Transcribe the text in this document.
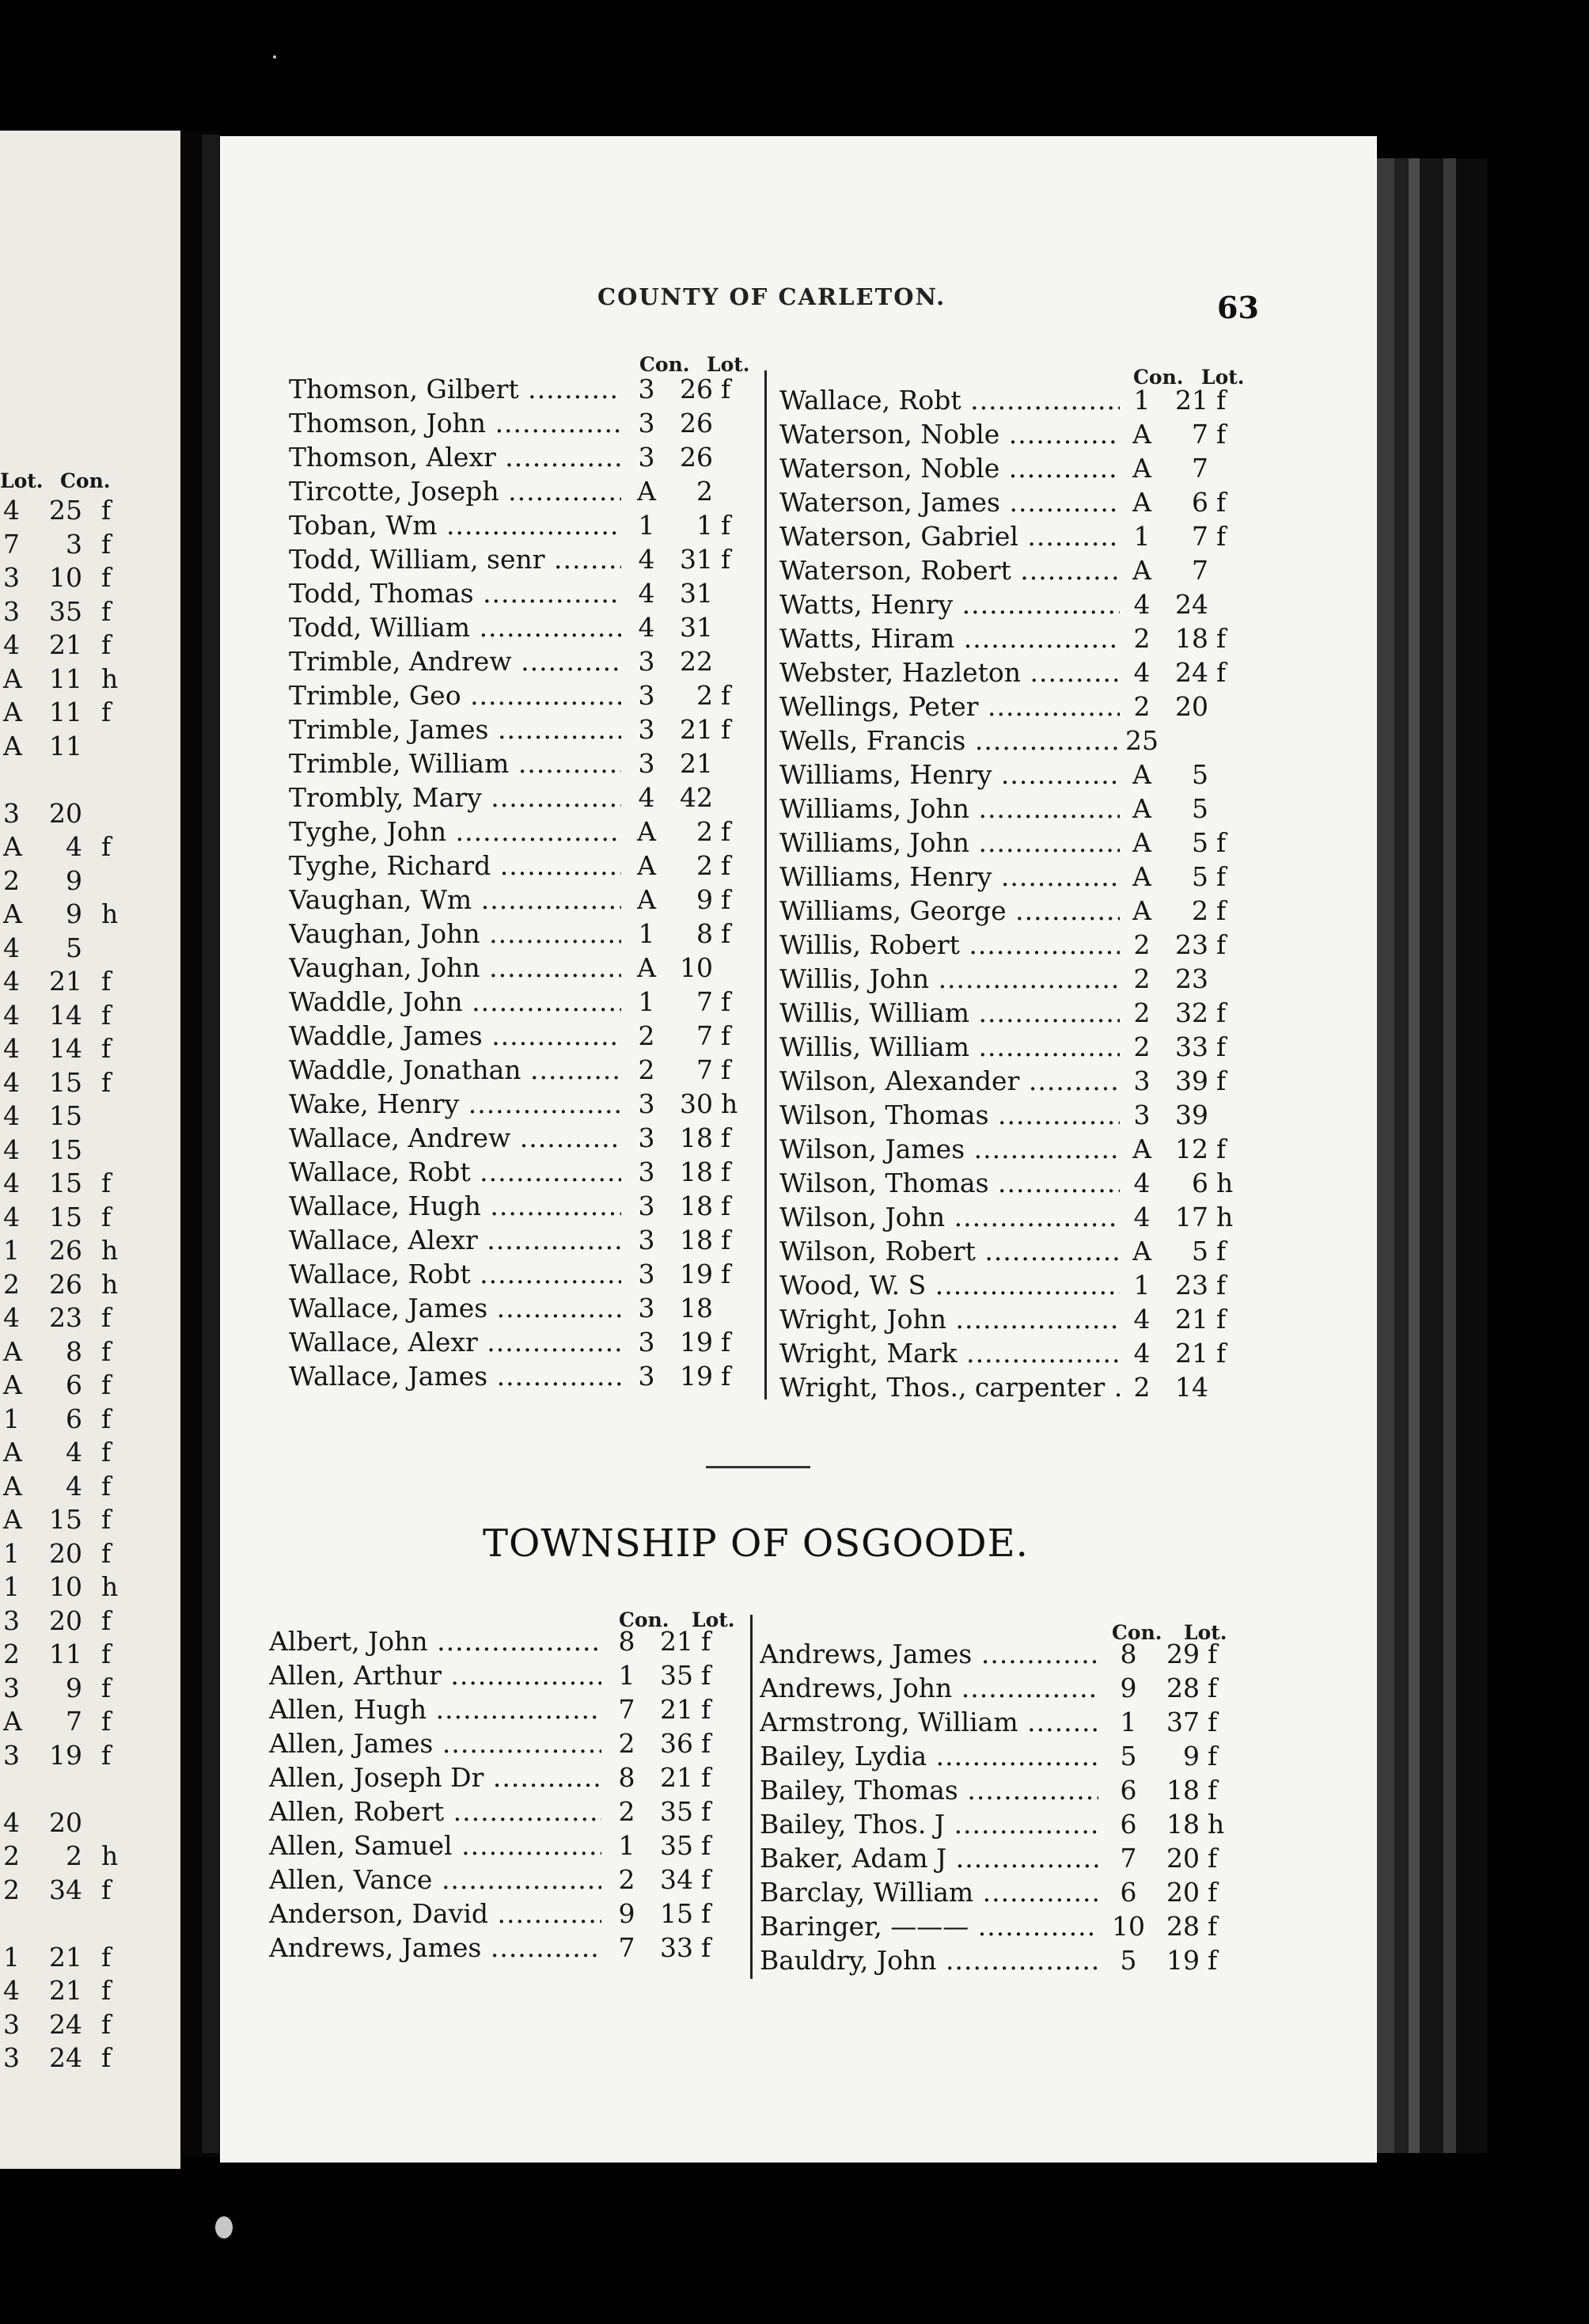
Lot. Con.
4	25 f
7	3 f
3	10 f
3	35 f
4	21 f
A	11 h
A	11 f
A	11
3	20
A	4 f
2	9
A	9 h
4	5
4	21 f
4	14 f
4	14 f
4	15 f
4	15
4	15
4	15 f
4	15 f
1	26 h
2	26 h
4	23 f
A	8 f
A	6 f
1	6 f
A	4 f
A	4 f
A	15 f
1	20 f
1	10 h
3	20 f
2	11 f
3	9 f
A	7 f
3	19 f
4	20
2	2 h
2	34 f
1	21 f
4	21 f
3	24 f
3	24 f
COUNTY OF CARLETON.	63
Con. Lot.
Con. Lot.
Thomson, Gilbert .....	3 26 f
Thomson, John .....	3 26
Thomson, Alexr .....	3 26
Tircotte, Joseph .....	A	2
Toban, Wm .....	1	1 f
Todd, William, senr .....	4 31 f
Todd, Thomas .....	4 31
Todd, William .....	4 31
Trimble, Andrew .....	3 22
Trimble, Geo .....	3	2 f
Trimble, James .....	3 21 f
Trimble, William .....	3 21
Trombly, Mary .....	4 42
Tyghe, John .....	A	2 f
Tyghe, Richard .....	A	2 f
Vaughan, Wm .....	A	9 f
Vaughan, John .....	1	8 f
Vaughan, John .....	A 10
Waddle, John .....	1	7 f
Waddle, James .....	2	7 f
Waddle, Jonathan .....	2	7 f
Wake, Henry .....	3 30 h
Wallace, Andrew .....	3 18 f
Wallace, Robt .....	3 18 f
Wallace, Hugh .....	3 18 f
Wallace, Alexr .....	3 18 f
Wallace, Robt .....	3 19 f
Wallace, James .....	3 18
Wallace, Alexr .....	3 19 f
Wallace, James .....	3 19 f
Wallace, Robt .....	1 21 f
Waterson, Noble .....	A	7 f
Waterson, Noble .....	A	7
Waterson, James .....	A	6 f
Waterson, Gabriel .....	1	7 f
Waterson, Robert .....	A	7
Watts, Henry .....	4 24
Watts, Hiram .....	2 18 f
Webster, Hazleton .....	4 24 f
Wellings, Peter .....	2 20
Wells, Francis .....	25
Williams, Henry .....	A	5
Williams, John .....	A	5
Williams, John .....	A	5 f
Williams, Henry .....	A	5 f
Williams, George .....	A	2 f
Willis, Robert .....	2 23 f
Willis, John .....	2 23
Willis, William .....	2 32 f
Willis, William .....	2 33 f
Wilson, Alexander .....	3 39 f
Wilson, Thomas .....	3 39
Wilson, James .....	A 12 f
Wilson, Thomas .....	4	6 h
Wilson, John .....	4 17 h
Wilson, Robert .....	A	5 f
Wood, W. S .....	1 23 f
Wright, John .....	4 21 f
Wright, Mark .....	4 21 f
Wright, Thos., carpenter .....	2 14
TOWNSHIP OF OSGOODE.
Con. Lot.
Con. Lot.
Albert, John .....	8 21 f
Allen, Arthur .....	1 35 f
Allen, Hugh .....	7 21 f
Allen, James .....	2 36 f
Allen, Joseph Dr .....	8 21 f
Allen, Robert .....	2 35 f
Allen, Samuel .....	1 35 f
Allen, Vance .....	2 34 f
Anderson, David .....	9 15 f
Andrews, James .....	7 33 f
Andrews, James .....	8	29 f
Andrews, John .....	9	28 f
Armstrong, William .....	1	37 f
Bailey, Lydia .....	5	9 f
Bailey, Thomas .....	6	18 f
Bailey, Thos. J .....	6	18 h
Baker, Adam J .....	7	20 f
Barclay, William .....	6	20 f
Baringer, ——— .....	10 28 f
Bauldry, John .....	5	19 f
